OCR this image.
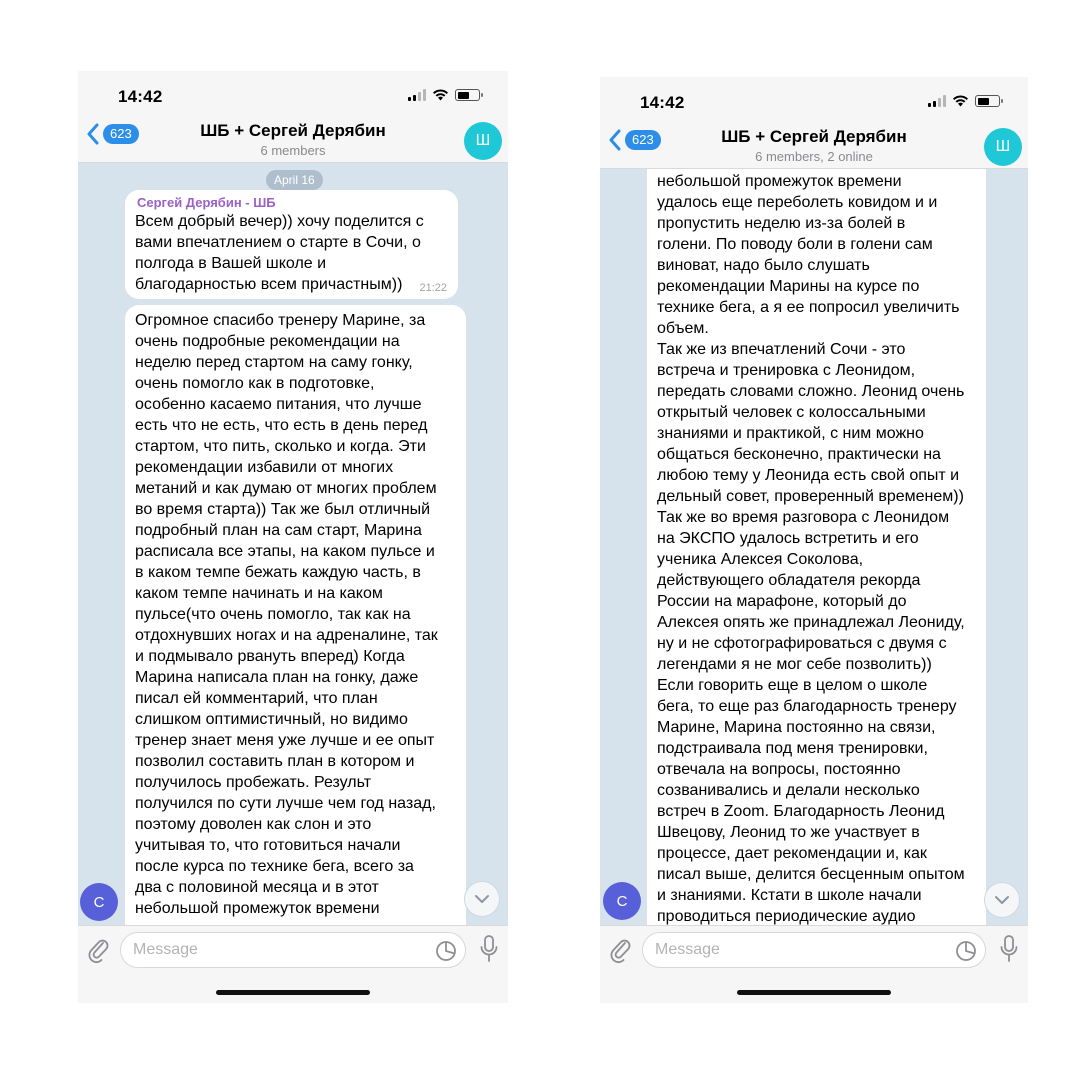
14:42
623	ШБ + Сергей Дерябин
6 members
Ш
April 16
Сергей Дерябин - ШБ
Всем добрый вечер)) хочу поделится с
вами впечатлением о старте в Сочи, о
полгода в Вашей школе и
благодарностью всем причастным))	21:22
Огромное спасибо тренеру Марине, за
очень подробные рекомендации на
неделю перед стартом на саму гонку,
очень помогло как в подготовке,
особенно касаемо питания, что лучше
есть что не есть, что есть в день перед
стартом, что пить, сколько и когда. Эти
рекомендации избавили от многих
метаний и как думаю от многих проблем
во время старта)) Так же был отличный
подробный план на сам старт, Марина
расписала все этапы, на каком пульсе и
в каком темпе бежать каждую часть, в
каком темпе начинать и на каком
пульсе(что очень помогло, так как на
отдохнувших ногах и на адреналине, так
и подмывало рвануть вперед) Когда
Марина написала план на гонку, даже
писал ей комментарий, что план
слишком оптимистичный, но видимо
тренер знает меня уже лучше и ее опыт
позволил составить план в котором и
получилось пробежать. Результ
получился по сути лучше чем год назад,
поэтому доволен как слон и это
учитывая то, что готовиться начали
после курса по технике бега, всего за
два с половиной месяца и в этот
небольшой промежуток времени
С
Message
14:42
623	ШБ + Сергей Дерябин
6 members, 2 online
Ш
небольшой промежуток времени
удалось еще переболеть ковидом и и
пропустить неделю из-за болей в
голени. По поводу боли в голени сам
виноват, надо было слушать
рекомендации Марины на курсе по
технике бега, а я ее попросил увеличить
объем.
Так же из впечатлений Сочи - это
встреча и тренировка с Леонидом,
передать словами сложно. Леонид очень
открытый человек с колоссальными
знаниями и практикой, с ним можно
общаться бесконечно, практически на
любою тему у Леонида есть свой опыт и
дельный совет, проверенный временем))
Так же во время разговора с Леонидом
на ЭКСПО удалось встретить и его
ученика Алексея Соколова,
действующего обладателя рекорда
России на марафоне, который до
Алексея опять же принадлежал Леониду,
ну и не сфотографироваться с двумя с
легендами я не мог себе позволить))
Если говорить еще в целом о школе
бега, то еще раз благодарность тренеру
Марине, Марина постоянно на связи,
подстраивала под меня тренировки,
отвечала на вопросы, постоянно
созванивались и делали несколько
встреч в Zoom. Благодарность Леонид
Швецову, Леонид то же участвует в
процессе, дает рекомендации и, как
писал выше, делится бесценным опытом
и знаниями. Кстати в школе начали
проводиться периодические аудио
С
Message
